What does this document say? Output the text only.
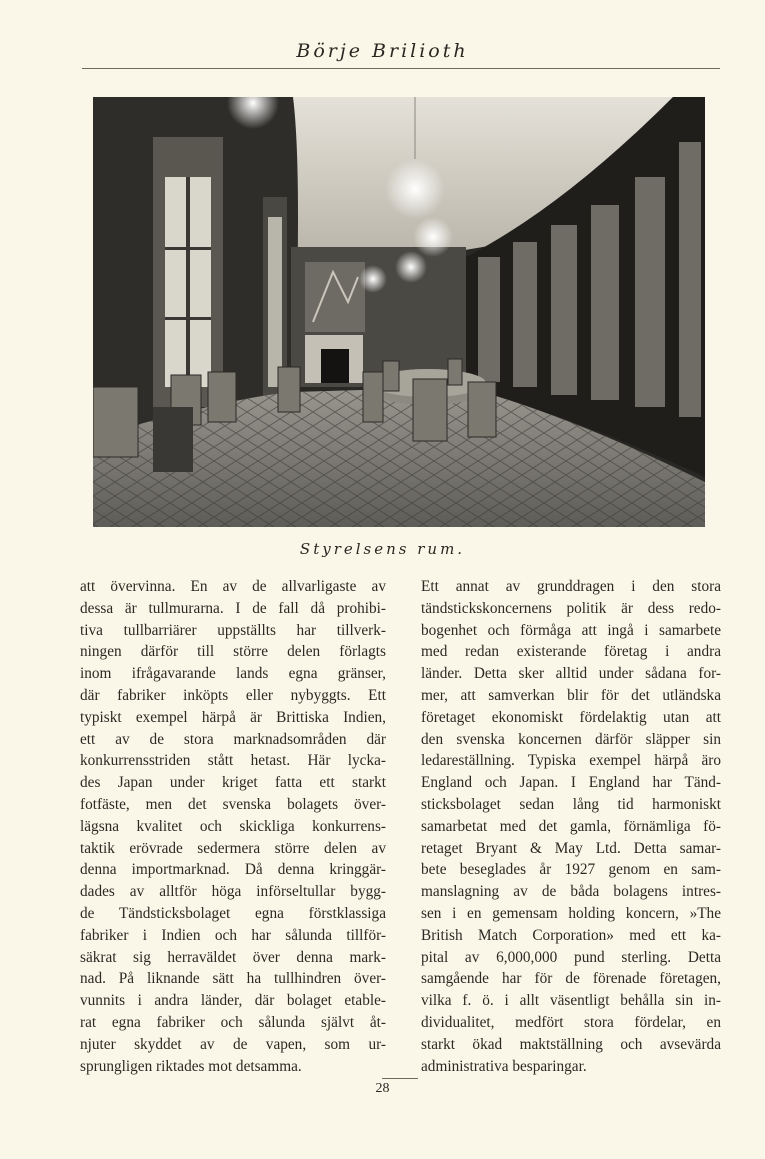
Börje Brilioth
Styrelsens rum.
att övervinna. En av de allvarligaste av
dessa är tullmurarna. I de fall då prohibi-
tiva tullbarriärer uppställts har tillverk-
ningen därför till större delen förlagts
inom ifrågavarande lands egna gränser,
där fabriker inköpts eller nybyggts. Ett
typiskt exempel härpå är Brittiska Indien,
ett av de stora marknadsområden där
konkurrensstriden stått hetast. Här lycka-
des Japan under kriget fatta ett starkt
fotfäste, men det svenska bolagets över-
lägsna kvalitet och skickliga konkurrens-
taktik erövrade sedermera större delen av
denna importmarknad. Då denna kringgär-
dades av alltför höga införseltullar bygg-
de Tändsticksbolaget egna förstklassiga
fabriker i Indien och har sålunda tillför-
säkrat sig herraväldet över denna mark-
nad. På liknande sätt ha tullhindren över-
vunnits i andra länder, där bolaget etable-
rat egna fabriker och sålunda självt åt-
njuter skyddet av de vapen, som ur-
sprungligen riktades mot detsamma.
Ett annat av grunddragen i den stora
tändstickskoncernens politik är dess redo-
bogenhet och förmåga att ingå i samarbete
med redan existerande företag i andra
länder. Detta sker alltid under sådana for-
mer, att samverkan blir för det utländska
företaget ekonomiskt fördelaktig utan att
den svenska koncernen därför släpper sin
ledareställning. Typiska exempel härpå äro
England och Japan. I England har Tänd-
sticksbolaget sedan lång tid harmoniskt
samarbetat med det gamla, förnämliga fö-
retaget Bryant & May Ltd. Detta samar-
bete beseglades år 1927 genom en sam-
manslagning av de båda bolagens intres-
sen i en gemensam holding koncern, »The
British Match Corporation» med ett ka-
pital av 6,000,000 pund sterling. Detta
samgående har för de förenade företagen,
vilka f. ö. i allt väsentligt behålla sin in-
dividualitet, medfört stora fördelar, en
starkt ökad maktställning och avsevärda
administrativa besparingar.
28
